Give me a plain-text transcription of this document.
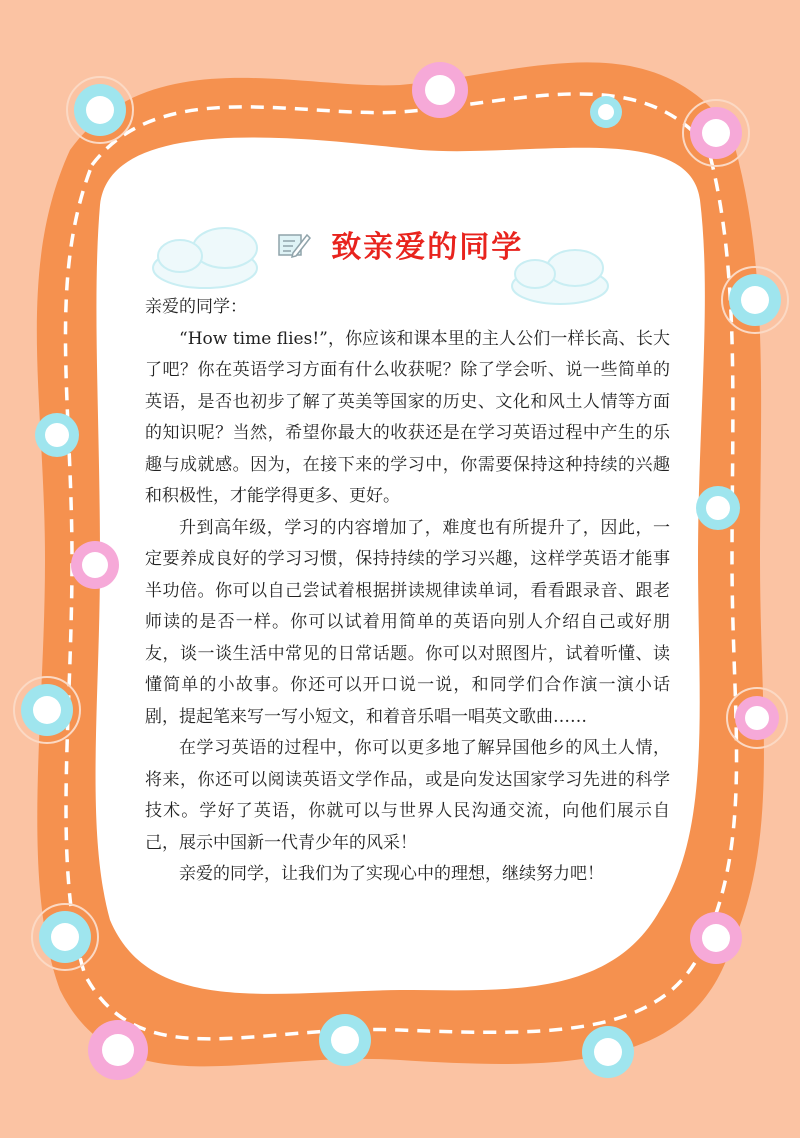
致亲爱的同学

亲爱的同学：

“How time flies!”，你应该和课本里的主人公们一样长高、长大了吧？你在英语学习方面有什么收获呢？除了学会听、说一些简单的英语，是否也初步了解了英美等国家的历史、文化和风土人情等方面的知识呢？当然，希望你最大的收获还是在学习英语过程中产生的乐趣与成就感。因为，在接下来的学习中，你需要保持这种持续的兴趣和积极性，才能学得更多、更好。

升到高年级，学习的内容增加了，难度也有所提升了，因此，一定要养成良好的学习习惯，保持持续的学习兴趣，这样学英语才能事半功倍。你可以自己尝试着根据拼读规律读单词，看看跟录音、跟老师读的是否一样。你可以试着用简单的英语向别人介绍自己或好朋友，谈一谈生活中常见的日常话题。你可以对照图片，试着听懂、读懂简单的小故事。你还可以开口说一说，和同学们合作演一演小话剧，提起笔来写一写小短文，和着音乐唱一唱英文歌曲……

在学习英语的过程中，你可以更多地了解异国他乡的风土人情，将来，你还可以阅读英语文学作品，或是向发达国家学习先进的科学技术。学好了英语，你就可以与世界人民沟通交流，向他们展示自己，展示中国新一代青少年的风采！

亲爱的同学，让我们为了实现心中的理想，继续努力吧！
